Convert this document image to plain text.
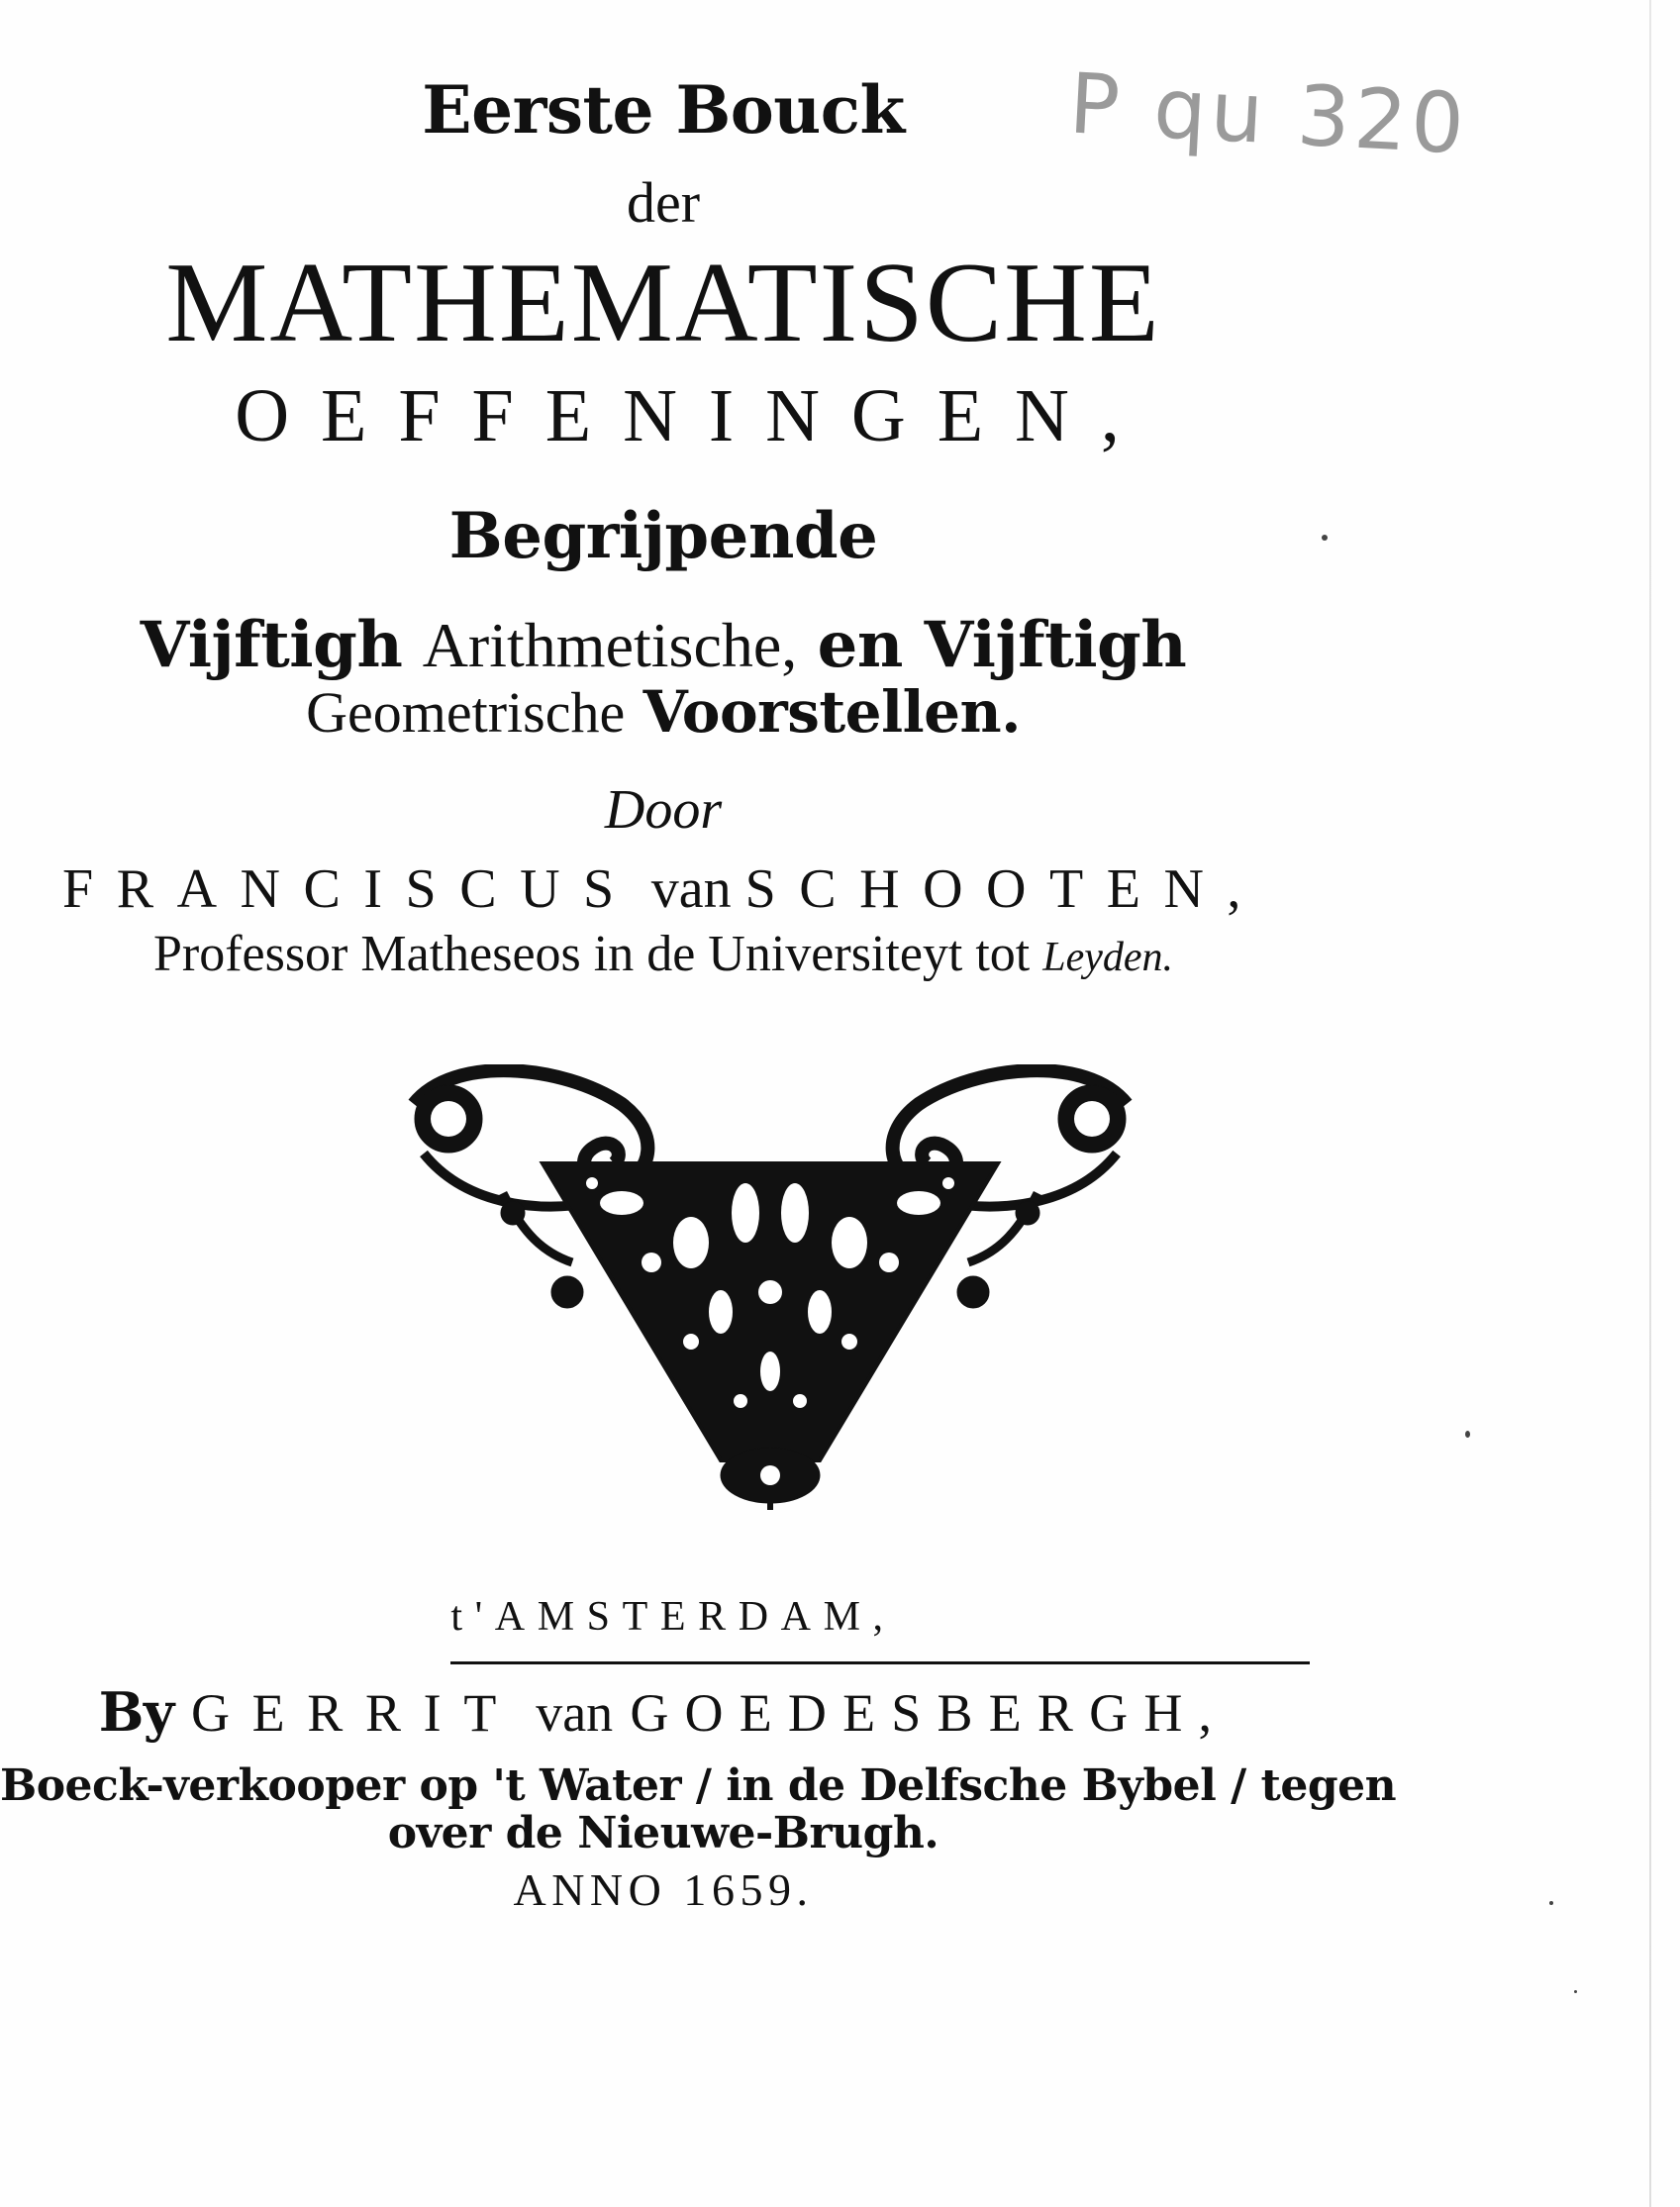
P qu 320
Eerste Bouck
der
MATHEMATISCHE
OEFFENINGEN,
Begrijpende
Vijftigh Arithmetische, en Vijftigh
Geometrische Voorstellen.
Door
FRANCISCUS van SCHOOTEN,
Professor Matheseos in de Universiteyt tot Leyden.
t'AMSTERDAM,
By GERRIT van GOEDESBERGH,
Boeck-verkooper op 't Water / in de Delfsche Bybel / tegen
over de Nieuwe-Brugh.
ANNO 1659.
